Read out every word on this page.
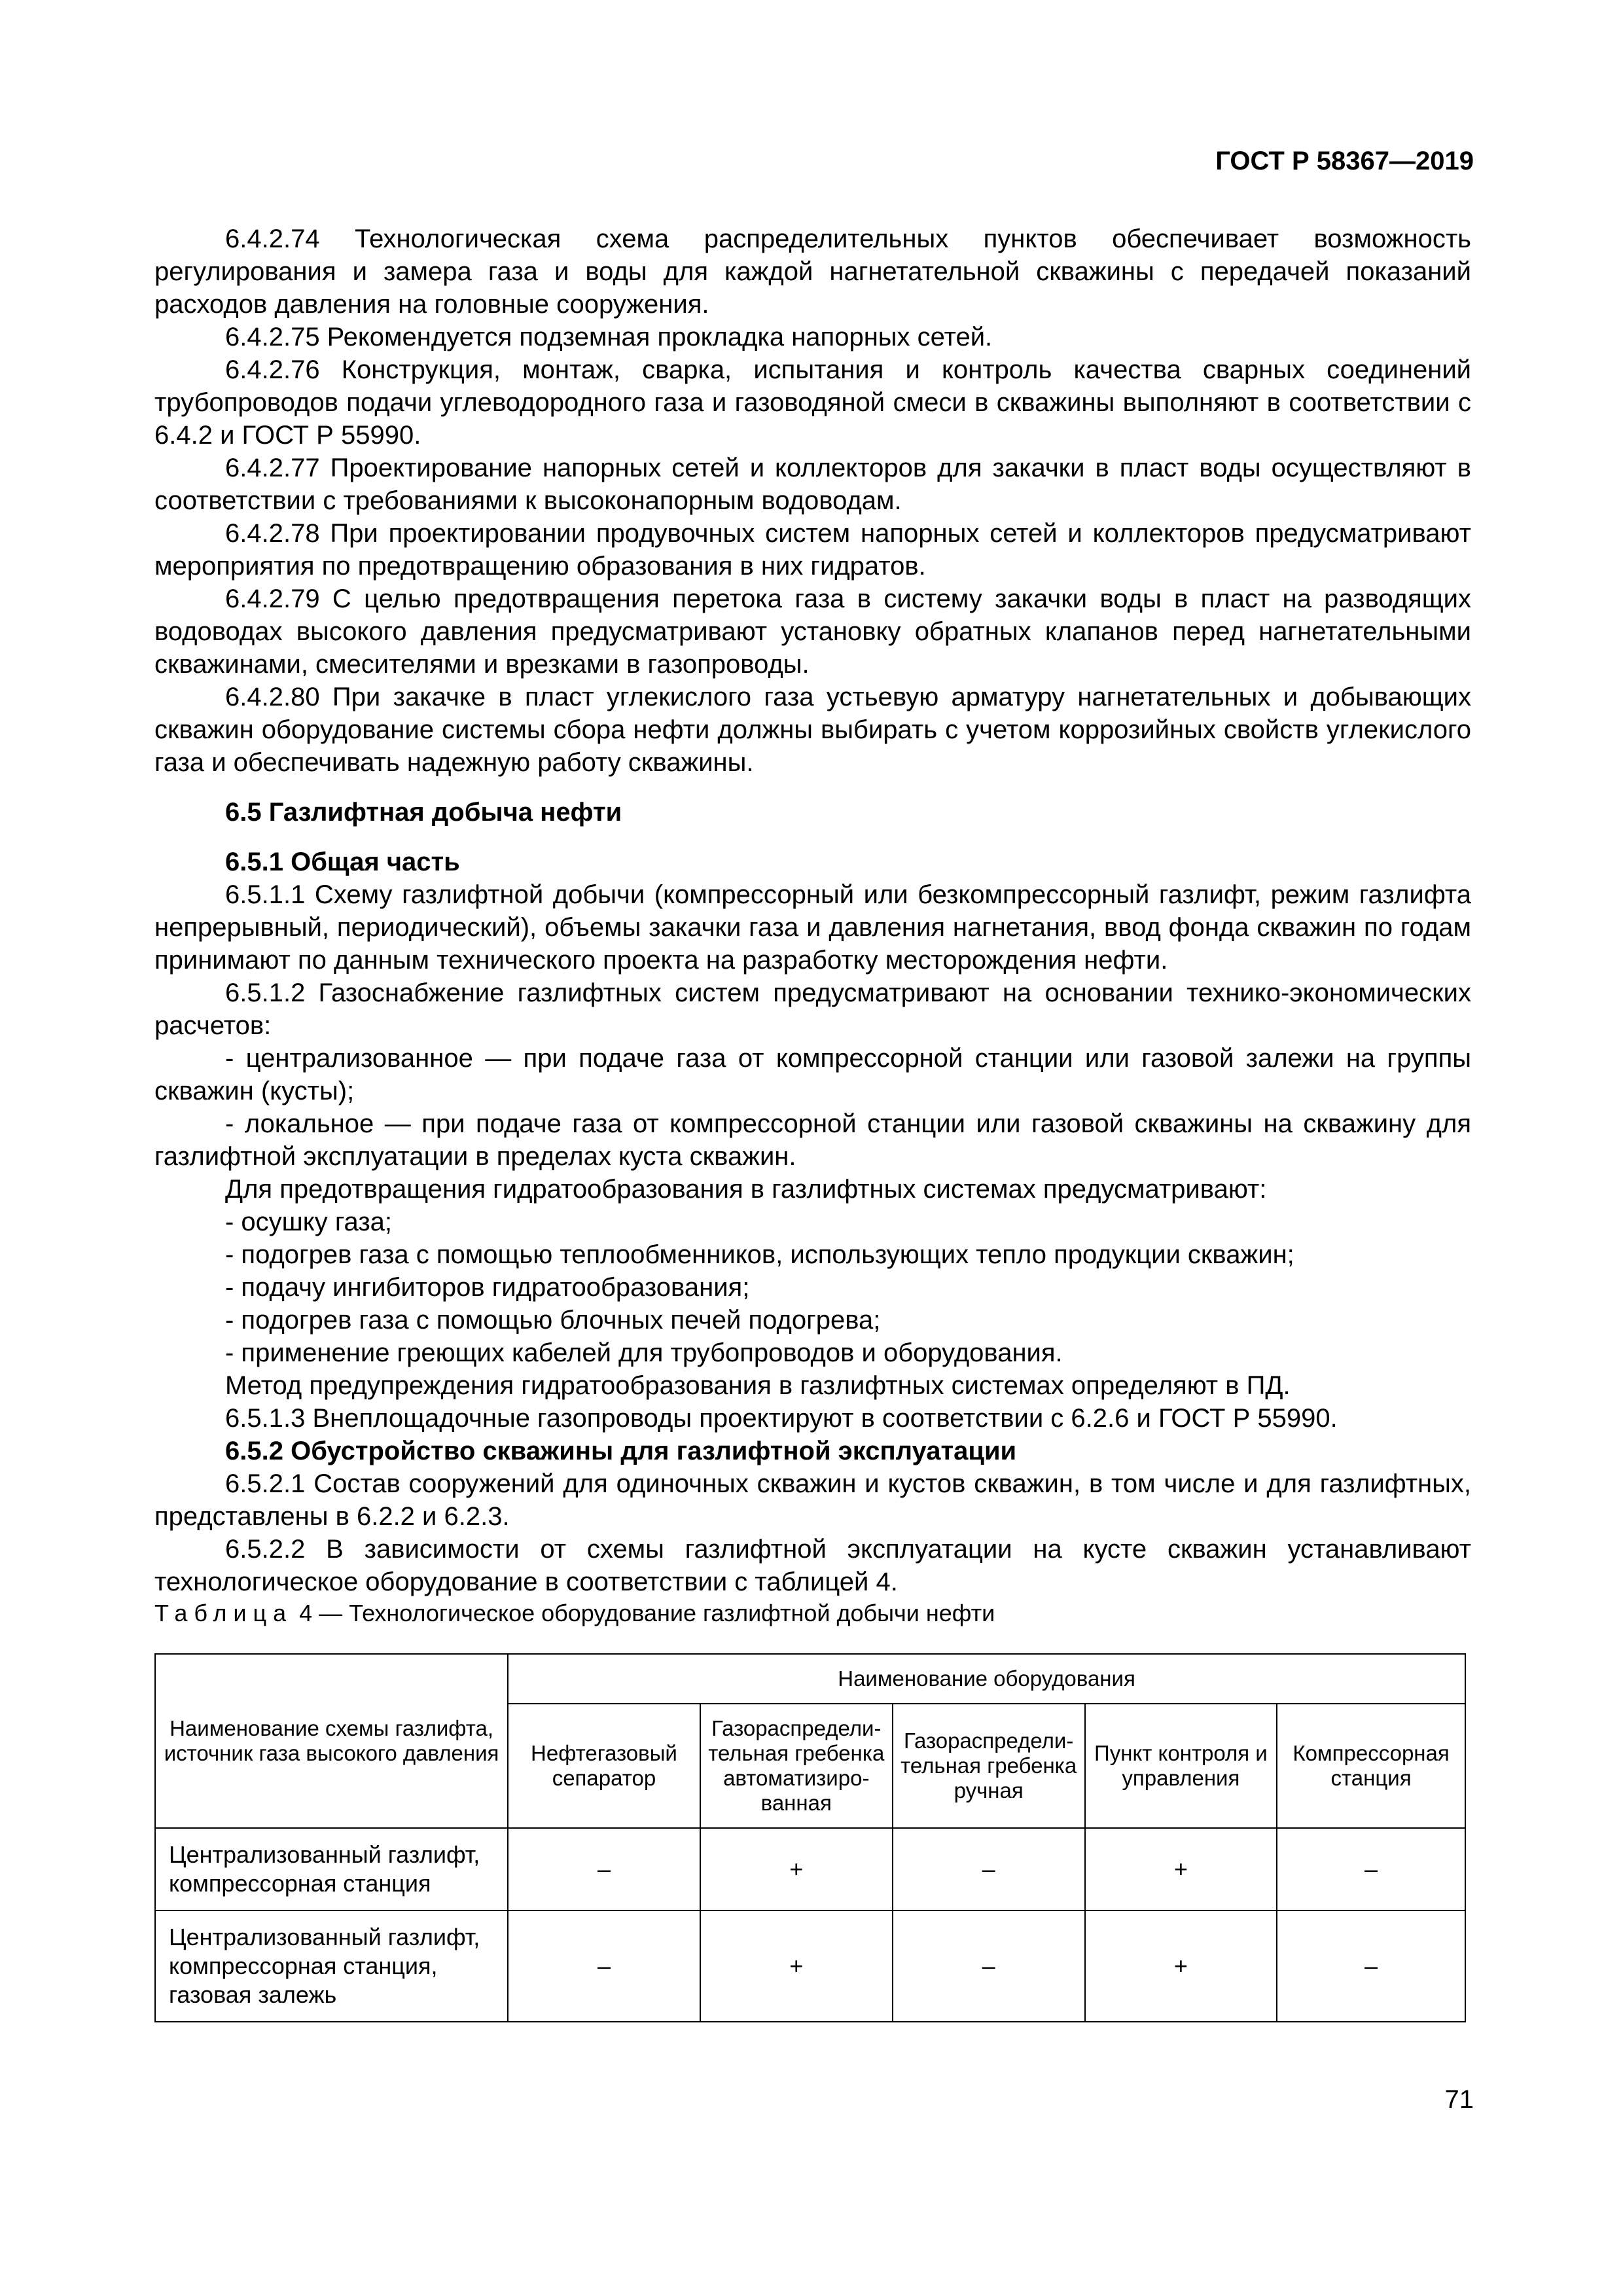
ГОСТ Р 58367—2019

6.4.2.74 Технологическая схема распределительных пунктов обеспечивает возможность регулирования и замера газа и воды для каждой нагнетательной скважины с передачей показаний расходов давления на головные сооружения.

6.4.2.75 Рекомендуется подземная прокладка напорных сетей.

6.4.2.76 Конструкция, монтаж, сварка, испытания и контроль качества сварных соединений трубопроводов подачи углеводородного газа и газоводяной смеси в скважины выполняют в соответствии с 6.4.2 и ГОСТ Р 55990.

6.4.2.77 Проектирование напорных сетей и коллекторов для закачки в пласт воды осуществляют в соответствии с требованиями к высоконапорным водоводам.

6.4.2.78 При проектировании продувочных систем напорных сетей и коллекторов предусматривают мероприятия по предотвращению образования в них гидратов.

6.4.2.79 С целью предотвращения перетока газа в систему закачки воды в пласт на разводящих водоводах высокого давления предусматривают установку обратных клапанов перед нагнетательными скважинами, смесителями и врезками в газопроводы.

6.4.2.80 При закачке в пласт углекислого газа устьевую арматуру нагнетательных и добывающих скважин оборудование системы сбора нефти должны выбирать с учетом коррозийных свойств углекислого газа и обеспечивать надежную работу скважины.

6.5 Газлифтная добыча нефти
6.5.1 Общая часть

6.5.1.1 Схему газлифтной добычи (компрессорный или безкомпрессорный газлифт, режим газлифта непрерывный, периодический), объемы закачки газа и давления нагнетания, ввод фонда скважин по годам принимают по данным технического проекта на разработку месторождения нефти.

6.5.1.2 Газоснабжение газлифтных систем предусматривают на основании технико-экономических расчетов:

- централизованное — при подаче газа от компрессорной станции или газовой залежи на группы скважин (кусты);

- локальное — при подаче газа от компрессорной станции или газовой скважины на скважину для газлифтной эксплуатации в пределах куста скважин.

Для предотвращения гидратообразования в газлифтных системах предусматривают:

- осушку газа;

- подогрев газа с помощью теплообменников, использующих тепло продукции скважин;

- подачу ингибиторов гидратообразования;

- подогрев газа с помощью блочных печей подогрева;

- применение греющих кабелей для трубопроводов и оборудования.

Метод предупреждения гидратообразования в газлифтных системах определяют в ПД.

6.5.1.3 Внеплощадочные газопроводы проектируют в соответствии с 6.2.6 и ГОСТ Р 55990.

6.5.2 Обустройство скважины для газлифтной эксплуатации

6.5.2.1 Состав сооружений для одиночных скважин и кустов скважин, в том числе и для газлифтных, представлены в 6.2.2 и 6.2.3.

6.5.2.2 В зависимости от схемы газлифтной эксплуатации на кусте скважин устанавливают технологическое оборудование в соответствии с таблицей 4.

Таблица 4 — Технологическое оборудование газлифтной добычи нефти

Наименование схемы газлифта, источник газа высокого давления	Наименование оборудования				
	Нефтегазовый сепаратор	Газораспредели-тельная гребенка автоматизиро-ванная	Газораспредели-тельная гребенка ручная	Пункт контроля и управления	Компрессорная станция
Централизованный газлифт, компрессорная станция	–	+	–	+	–
Централизованный газлифт, компрессорная станция, газовая залежь	–	+	–	+	–
71
